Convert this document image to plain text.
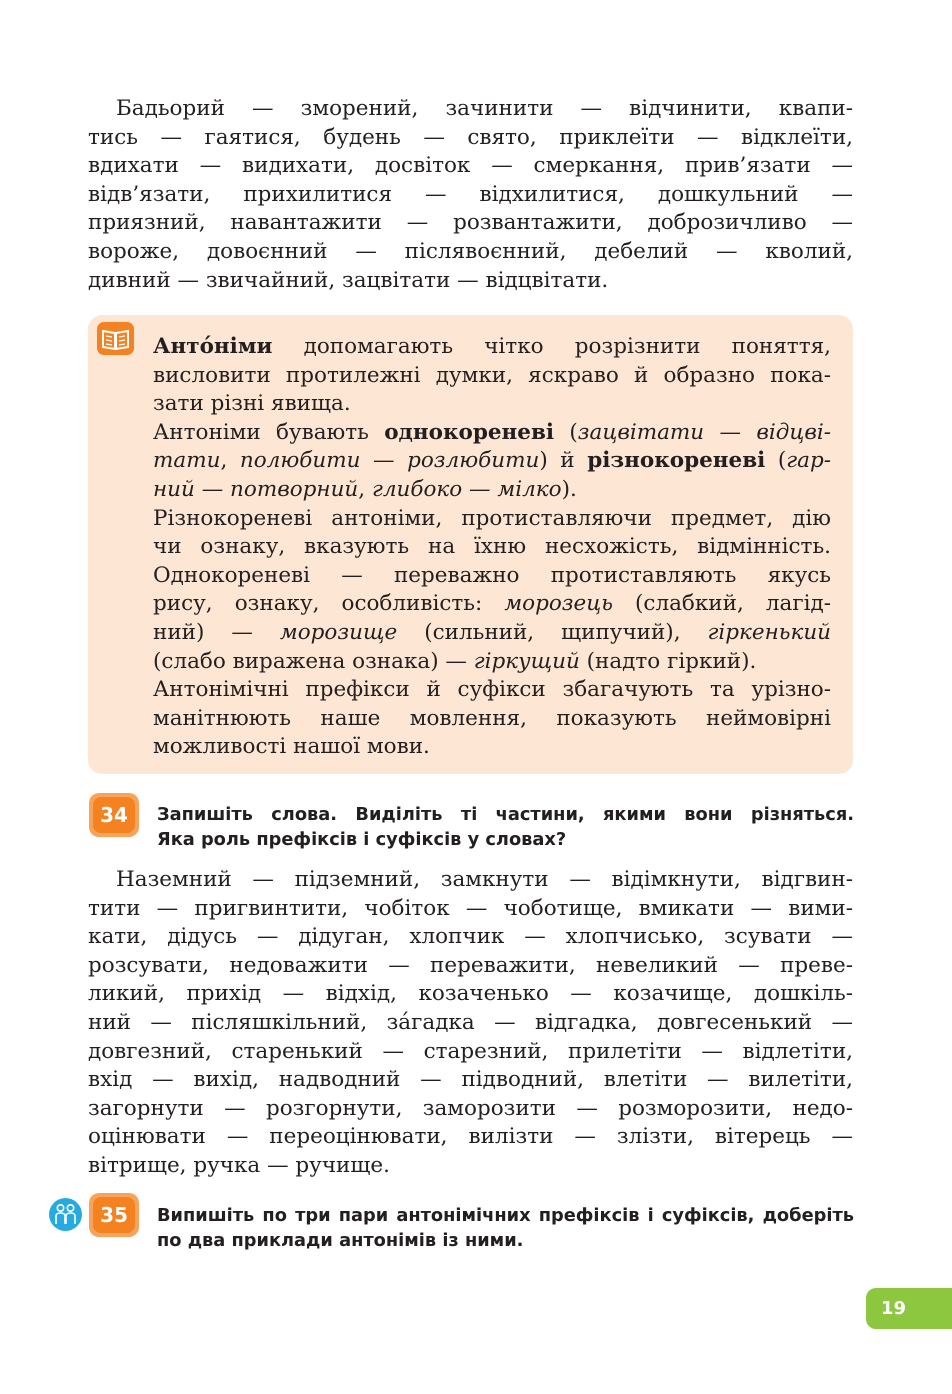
Бадьорий — зморений, зачинити — відчинити, квапи-
тись — гаятися, будень — свято, приклеїти — відклеїти,
вдихати — видихати, досвіток — смеркання, прив’язати —
відв’язати, прихилитися — відхилитися, дошкульний —
приязний, навантажити — розвантажити, доброзичливо —
вороже, довоєнний — післявоєнний, дебелий — кволий,
дивний — звичайний, зацвітати — відцвітати.
Анто́німи допомагають чітко розрізнити поняття,
висловити протилежні думки, яскраво й образно пока-
зати різні явища.
Антоніми бувають однокореневі (зацвітати — відцві-
тати, полюбити — розлюбити) й різнокореневі (гар-
ний — потворний, глибоко — мілко).
Різнокореневі антоніми, протиставляючи предмет, дію
чи ознаку, вказують на їхню несхожість, відмінність.
Однокореневі — переважно протиставляють якусь
рису, ознаку, особливість: морозець (слабкий, лагід-
ний) — морозище (сильний, щипучий), гіркенький
(слабо виражена ознака) — гіркущий (надто гіркий).
Антонімічні префікси й суфікси збагачують та урізно-
манітнюють наше мовлення, показують неймовірні
можливості нашої мови.
34	Запишіть слова. Виділіть ті частини, якими вони різняться.
Яка роль префіксів і суфіксів у словах?
Наземний — підземний, замкнути — відімкнути, відгвин-
тити — пригвинтити, чобіток — чоботище, вмикати — вими-
кати, дідусь — дідуган, хлопчик — хлопчисько, зсувати —
розсувати, недоважити — переважити, невеликий — преве-
ликий, прихід — відхід, козаченько — козачище, дошкіль-
ний — післяшкільний, за́гадка — відгадка, довгесенький —
довгезний, старенький — старезний, прилетіти — відлетіти,
вхід — вихід, надводний — підводний, влетіти — вилетіти,
загорнути — розгорнути, заморозити — розморозити, недо-
оцінювати — переоцінювати, вилізти — злізти, вітерець —
вітрище, ручка — ручище.
35	Випишіть по три пари антонімічних префіксів і суфіксів, доберіть
по два приклади антонімів із ними.
19
